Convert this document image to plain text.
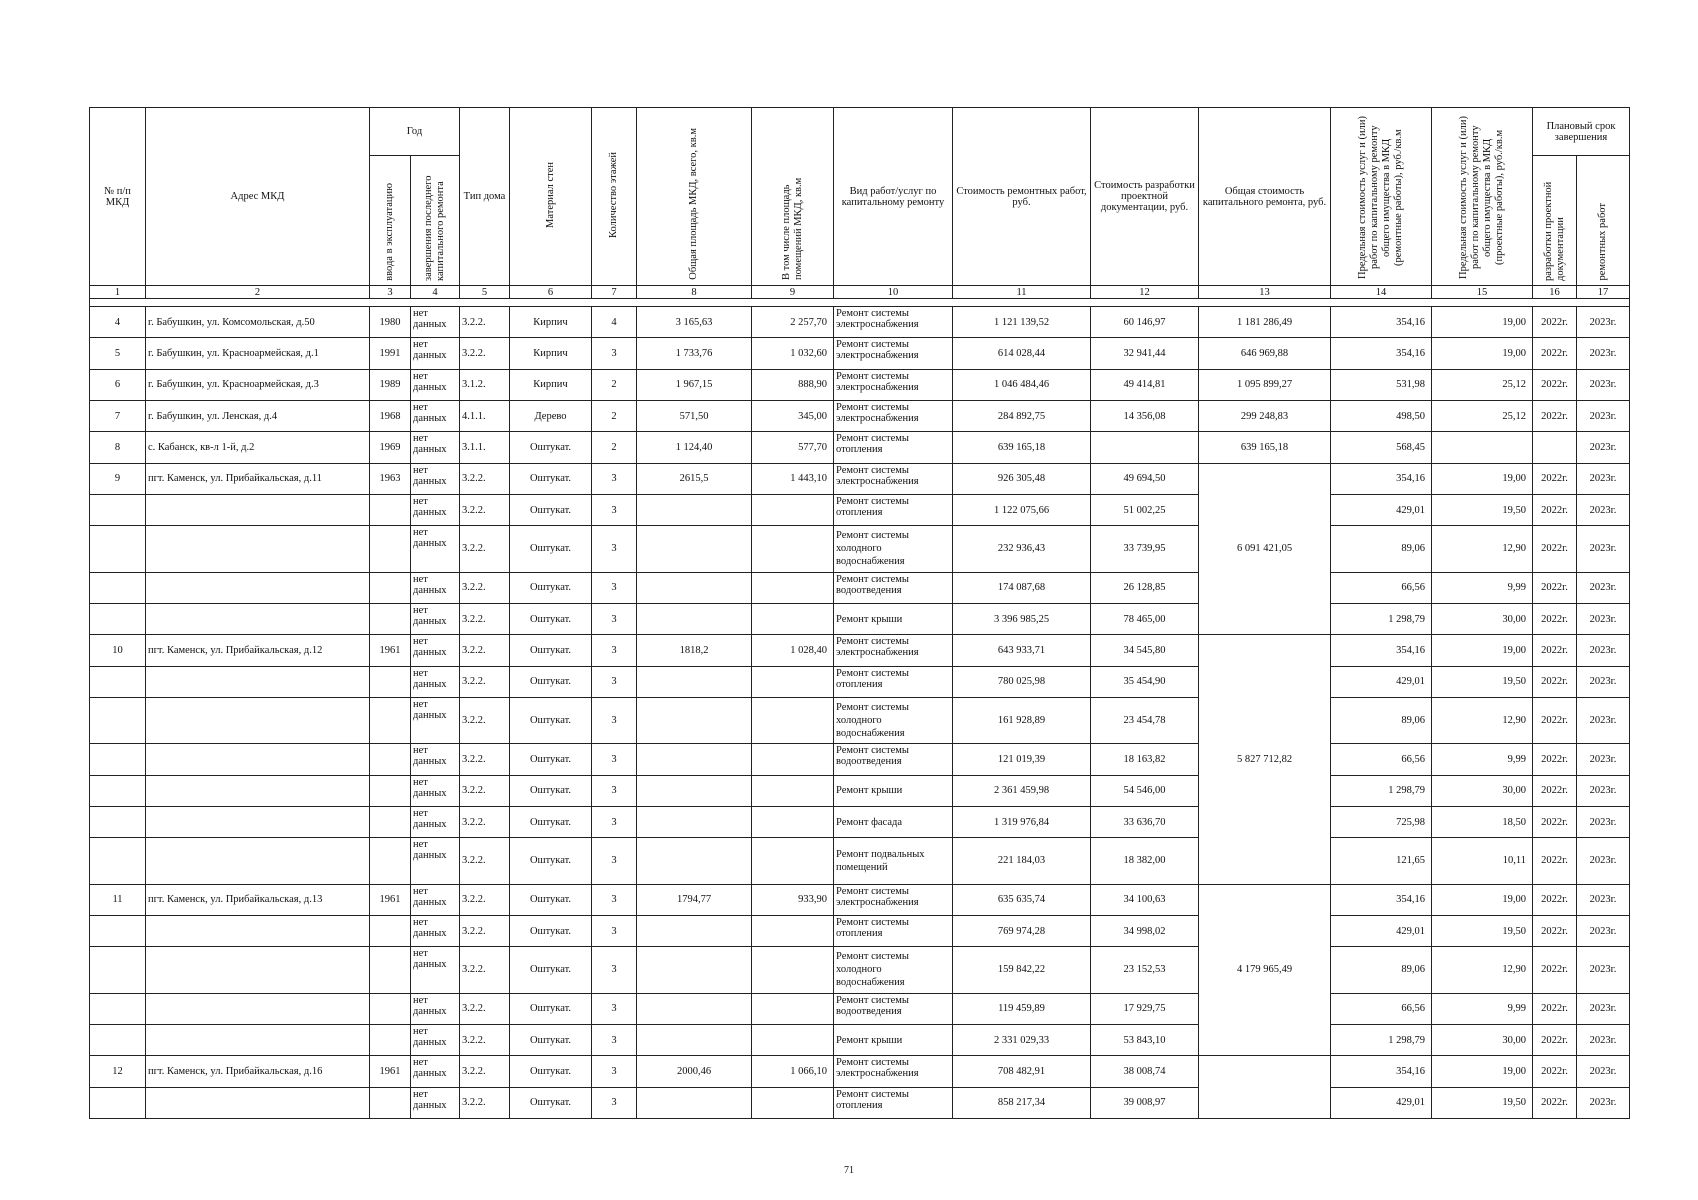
№ п/п МКД	Адрес МКД	Год		Тип дома	Материал стен	Количество этажей	Общая площадь МКД, всего, кв.м	В том числе площадь помещений МКД, кв.м	Вид работ/услуг по капитальному ремонту	Стоимость ремонтных работ, руб.	Стоимость разработки проектной документации, руб.	Общая стоимость капитального ремонта, руб.	Предельная стоимость услуг и (или) работ по капитальному ремонту общего имущества в МКД (ремонтные работы), руб./кв.м	Предельная стоимость услуг и (или) работ по капитальному ремонту общего имущества в МКД (проектные работы), руб./кв.м	Плановый срок завершения	

		ввода в эксплуатацию	завершения последнего капитального ремонта												разработки проектной документации	ремонтных работ

1	2	3	4	5	6	7	8	9	10	11	12	13	14	15	16	17

4	г. Бабушкин, ул. Комсомольская, д.50	1980	нет данных	3.2.2.	Кирпич	4	3 165,63	2 257,70	Ремонт системы электроснабжения	1 121 139,52	60 146,97	1 181 286,49	354,16	19,00	2022г.	2023г.
5	г. Бабушкин, ул. Красноармейская, д.1	1991	нет данных	3.2.2.	Кирпич	3	1 733,76	1 032,60	Ремонт системы электроснабжения	614 028,44	32 941,44	646 969,88	354,16	19,00	2022г.	2023г.
6	г. Бабушкин, ул. Красноармейская, д.3	1989	нет данных	3.1.2.	Кирпич	2	1 967,15	888,90	Ремонт системы электроснабжения	1 046 484,46	49 414,81	1 095 899,27	531,98	25,12	2022г.	2023г.
7	г. Бабушкин, ул. Ленская, д.4	1968	нет данных	4.1.1.	Дерево	2	571,50	345,00	Ремонт системы электроснабжения	284 892,75	14 356,08	299 248,83	498,50	25,12	2022г.	2023г.
8	с. Кабанск, кв-л 1-й, д.2	1969	нет данных	3.1.1.	Оштукат.	2	1 124,40	577,70	Ремонт системы отопления	639 165,18		639 165,18	568,45			2023г.
9	пгт. Каменск, ул. Прибайкальская, д.11	1963	нет данных	3.2.2.	Оштукат.	3	2615,5	1 443,10	Ремонт системы электроснабжения	926 305,48	49 694,50	6 091 421,05	354,16	19,00	2022г.	2023г.
			нет данных	3.2.2.	Оштукат.	3			Ремонт системы отопления	1 122 075,66	51 002,25		429,01	19,50	2022г.	2023г.
			нет данных	3.2.2.	Оштукат.	3			Ремонт системы холодного водоснабжения	232 936,43	33 739,95		89,06	12,90	2022г.	2023г.
			нет данных	3.2.2.	Оштукат.	3			Ремонт системы водоотведения	174 087,68	26 128,85		66,56	9,99	2022г.	2023г.
			нет данных	3.2.2.	Оштукат.	3			Ремонт крыши	3 396 985,25	78 465,00		1 298,79	30,00	2022г.	2023г.
10	пгт. Каменск, ул. Прибайкальская, д.12	1961	нет данных	3.2.2.	Оштукат.	3	1818,2	1 028,40	Ремонт системы электроснабжения	643 933,71	34 545,80	5 827 712,82	354,16	19,00	2022г.	2023г.
			нет данных	3.2.2.	Оштукат.	3			Ремонт системы отопления	780 025,98	35 454,90		429,01	19,50	2022г.	2023г.
			нет данных	3.2.2.	Оштукат.	3			Ремонт системы холодного водоснабжения	161 928,89	23 454,78		89,06	12,90	2022г.	2023г.
			нет данных	3.2.2.	Оштукат.	3			Ремонт системы водоотведения	121 019,39	18 163,82		66,56	9,99	2022г.	2023г.
			нет данных	3.2.2.	Оштукат.	3			Ремонт крыши	2 361 459,98	54 546,00		1 298,79	30,00	2022г.	2023г.
			нет данных	3.2.2.	Оштукат.	3			Ремонт фасада	1 319 976,84	33 636,70		725,98	18,50	2022г.	2023г.
			нет данных	3.2.2.	Оштукат.	3			Ремонт подвальных помещений	221 184,03	18 382,00		121,65	10,11	2022г.	2023г.
11	пгт. Каменск, ул. Прибайкальская, д.13	1961	нет данных	3.2.2.	Оштукат.	3	1794,77	933,90	Ремонт системы электроснабжения	635 635,74	34 100,63	4 179 965,49	354,16	19,00	2022г.	2023г.
			нет данных	3.2.2.	Оштукат.	3			Ремонт системы отопления	769 974,28	34 998,02		429,01	19,50	2022г.	2023г.
			нет данных	3.2.2.	Оштукат.	3			Ремонт системы холодного водоснабжения	159 842,22	23 152,53		89,06	12,90	2022г.	2023г.
			нет данных	3.2.2.	Оштукат.	3			Ремонт системы водоотведения	119 459,89	17 929,75		66,56	9,99	2022г.	2023г.
			нет данных	3.2.2.	Оштукат.	3			Ремонт крыши	2 331 029,33	53 843,10		1 298,79	30,00	2022г.	2023г.
12	пгт. Каменск, ул. Прибайкальская, д.16	1961	нет данных	3.2.2.	Оштукат.	3	2000,46	1 066,10	Ремонт системы электроснабжения	708 482,91	38 008,74		354,16	19,00	2022г.	2023г.
			нет данных	3.2.2.	Оштукат.	3			Ремонт системы отопления	858 217,34	39 008,97		429,01	19,50	2022г.	2023г.
71
